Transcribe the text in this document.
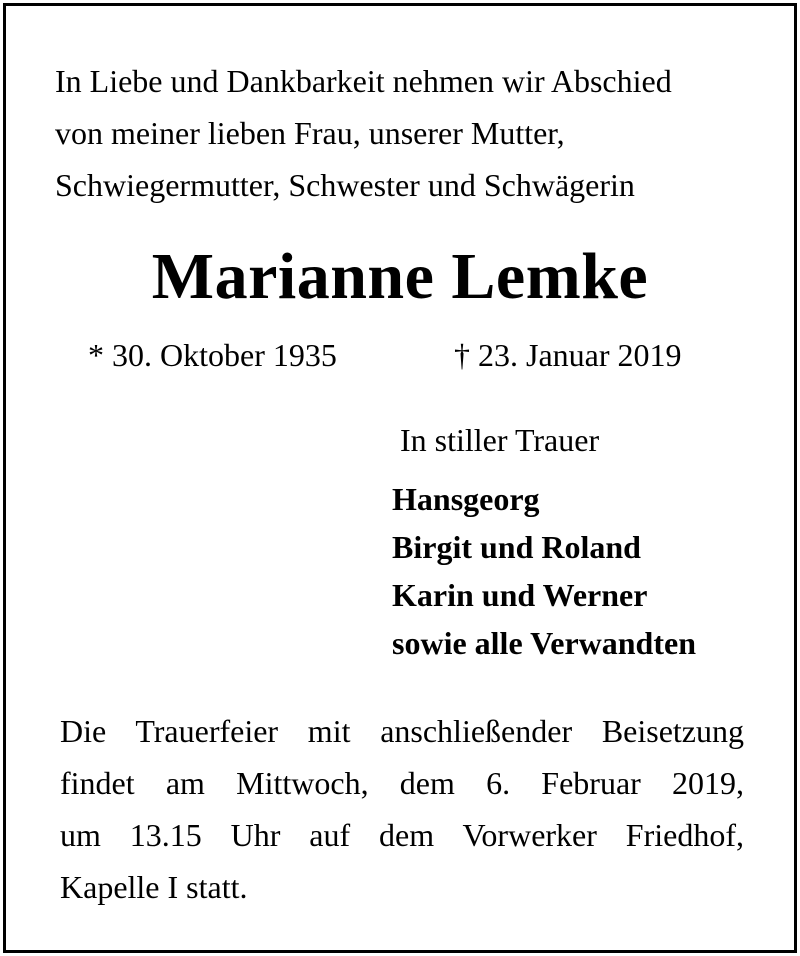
In Liebe und Dankbarkeit nehmen wir Abschied
von meiner lieben Frau, unserer Mutter,
Schwiegermutter, Schwester und Schwägerin
Marianne Lemke
* 30. Oktober 1935	† 23. Januar 2019
In stiller Trauer
Hansgeorg
Birgit und Roland
Karin und Werner
sowie alle Verwandten
Die Trauerfeier mit anschließender Beisetzung
findet am Mittwoch, dem 6. Februar 2019,
um 13.15 Uhr auf dem Vorwerker Friedhof,
Kapelle I statt.
